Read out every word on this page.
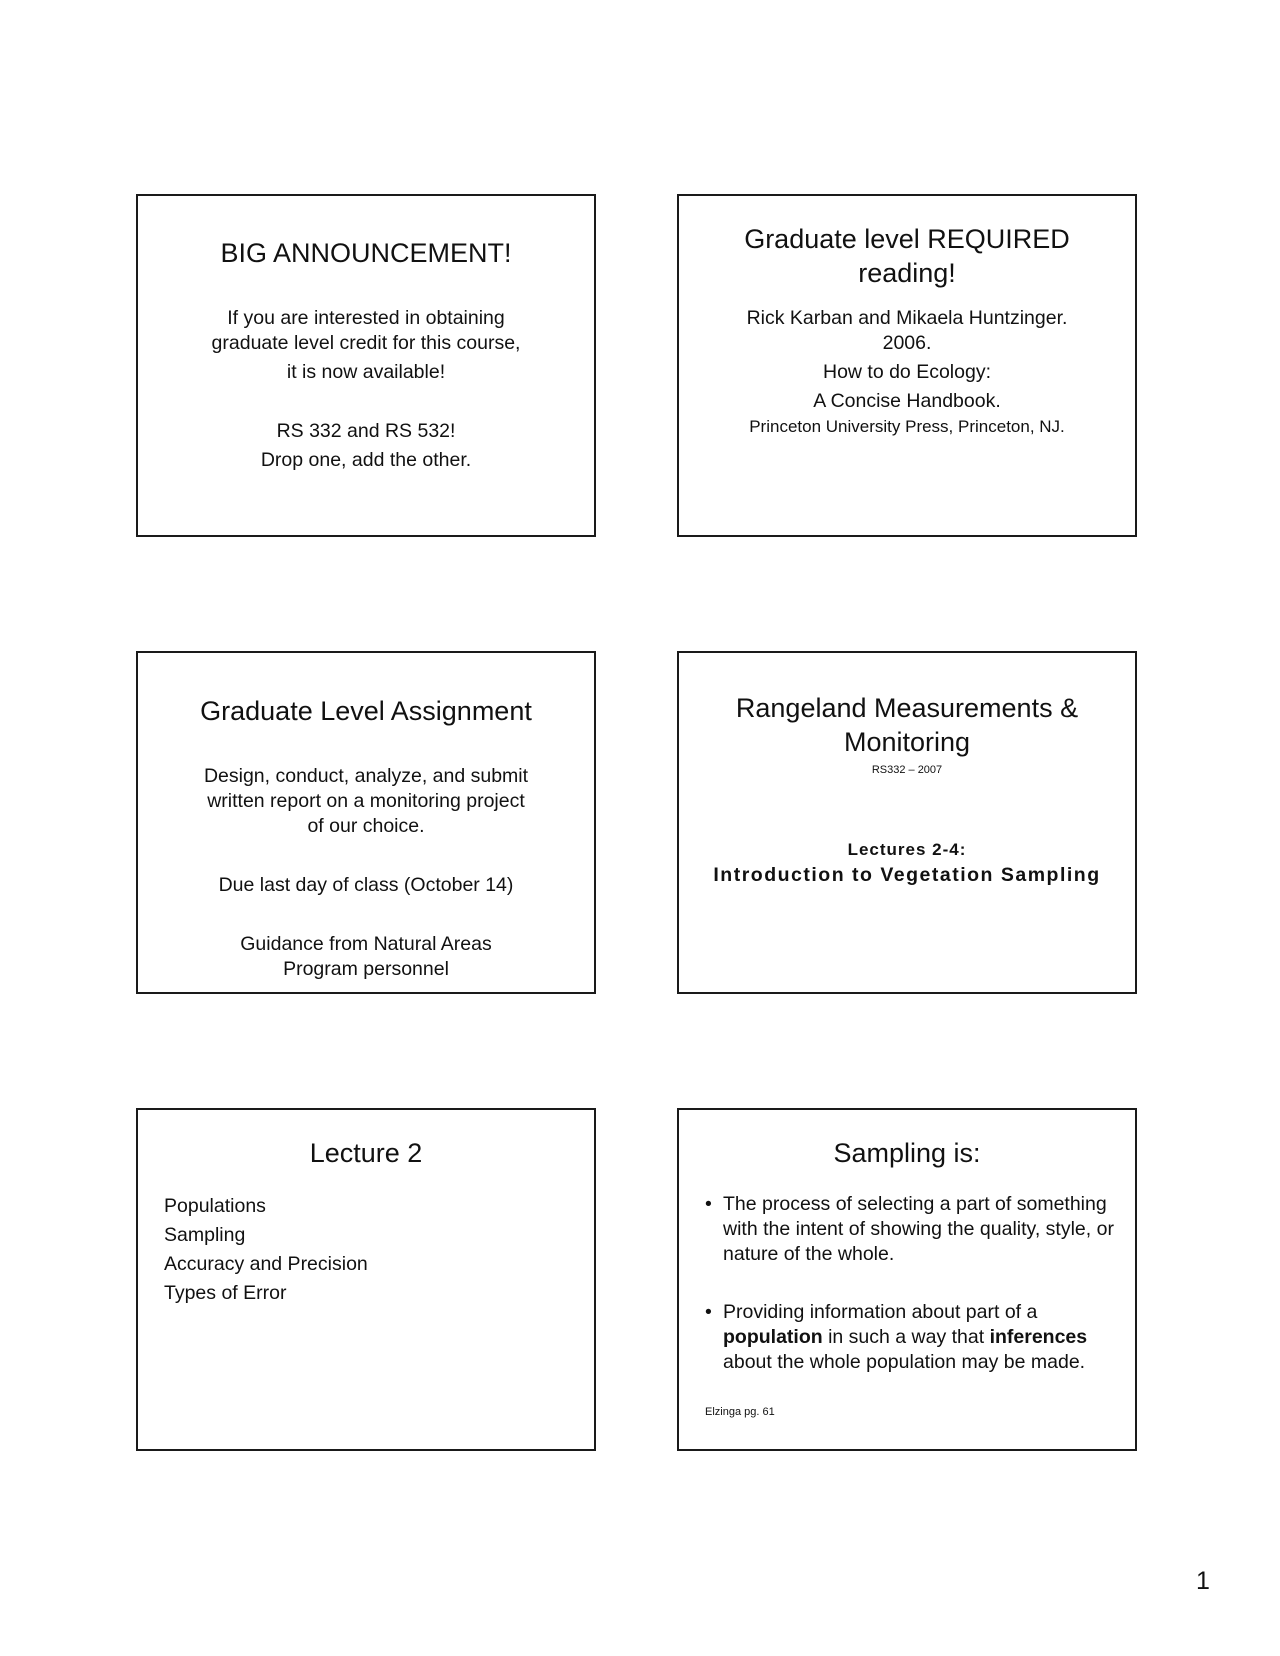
BIG ANNOUNCEMENT!
If you are interested in obtaining
graduate level credit for this course,
it is now available!
RS 332 and RS 532!
Drop one, add the other.
Graduate level REQUIRED
reading!
Rick Karban and Mikaela Huntzinger.
2006.
How to do Ecology:
A Concise Handbook.
Princeton University Press, Princeton, NJ.
Graduate Level Assignment
Design, conduct, analyze, and submit
written report on a monitoring project
of our choice.
Due last day of class (October 14)
Guidance from Natural Areas
Program personnel
Rangeland Measurements &
Monitoring
RS332 – 2007
Lectures 2-4:
Introduction to Vegetation Sampling
Lecture 2
Populations
Sampling
Accuracy and Precision
Types of Error
Sampling is:
• The process of selecting a part of something with the intent of showing the quality, style, or nature of the whole.
• Providing information about part of a population in such a way that inferences about the whole population may be made.
Elzinga pg. 61
1
